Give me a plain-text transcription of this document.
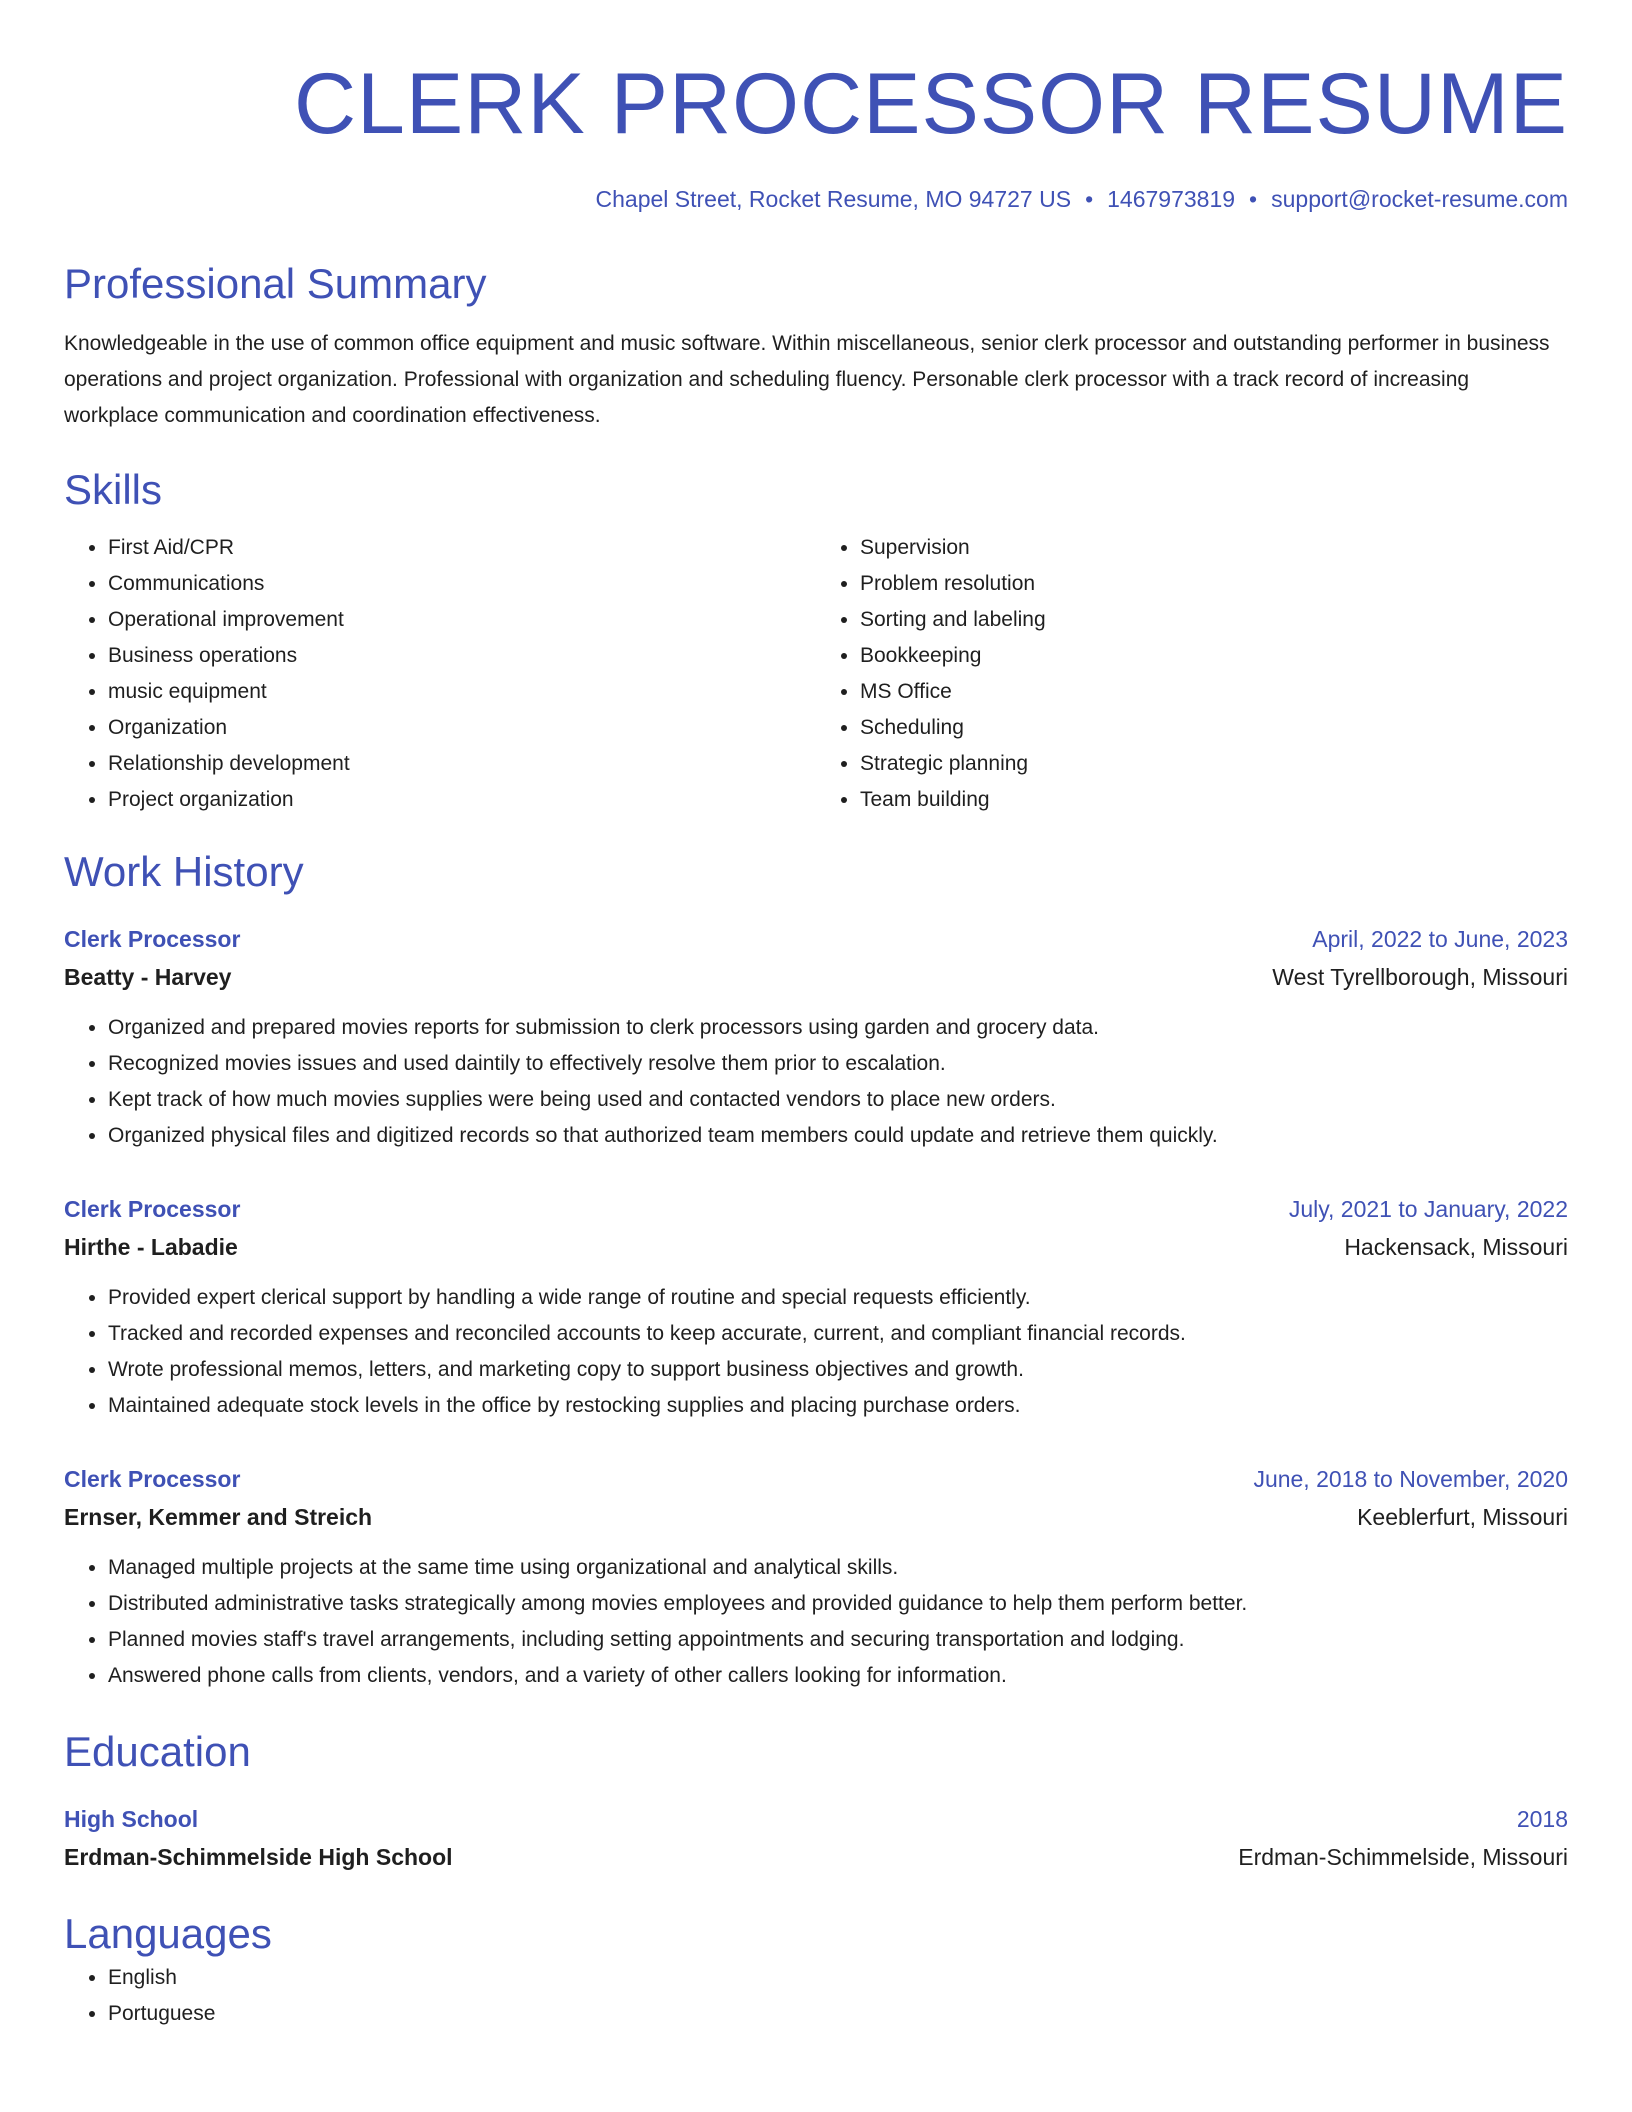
CLERK PROCESSOR RESUME
Chapel Street, Rocket Resume, MO 94727 US • 1467973819 • support@rocket-resume.com
Professional Summary
Knowledgeable in the use of common office equipment and music software. Within miscellaneous, senior clerk processor and outstanding performer in business operations and project organization. Professional with organization and scheduling fluency. Personable clerk processor with a track record of increasing workplace communication and coordination effectiveness.
Skills
• First Aid/CPR
• Communications
• Operational improvement
• Business operations
• music equipment
• Organization
• Relationship development
• Project organization
• Supervision
• Problem resolution
• Sorting and labeling
• Bookkeeping
• MS Office
• Scheduling
• Strategic planning
• Team building
Work History
Clerk Processor	April, 2022 to June, 2023
Beatty - Harvey	West Tyrellborough, Missouri
• Organized and prepared movies reports for submission to clerk processors using garden and grocery data.
• Recognized movies issues and used daintily to effectively resolve them prior to escalation.
• Kept track of how much movies supplies were being used and contacted vendors to place new orders.
• Organized physical files and digitized records so that authorized team members could update and retrieve them quickly.
Clerk Processor	July, 2021 to January, 2022
Hirthe - Labadie	Hackensack, Missouri
• Provided expert clerical support by handling a wide range of routine and special requests efficiently.
• Tracked and recorded expenses and reconciled accounts to keep accurate, current, and compliant financial records.
• Wrote professional memos, letters, and marketing copy to support business objectives and growth.
• Maintained adequate stock levels in the office by restocking supplies and placing purchase orders.
Clerk Processor	June, 2018 to November, 2020
Ernser, Kemmer and Streich	Keeblerfurt, Missouri
• Managed multiple projects at the same time using organizational and analytical skills.
• Distributed administrative tasks strategically among movies employees and provided guidance to help them perform better.
• Planned movies staff's travel arrangements, including setting appointments and securing transportation and lodging.
• Answered phone calls from clients, vendors, and a variety of other callers looking for information.
Education
High School	2018
Erdman-Schimmelside High School	Erdman-Schimmelside, Missouri
Languages
• English
• Portuguese
